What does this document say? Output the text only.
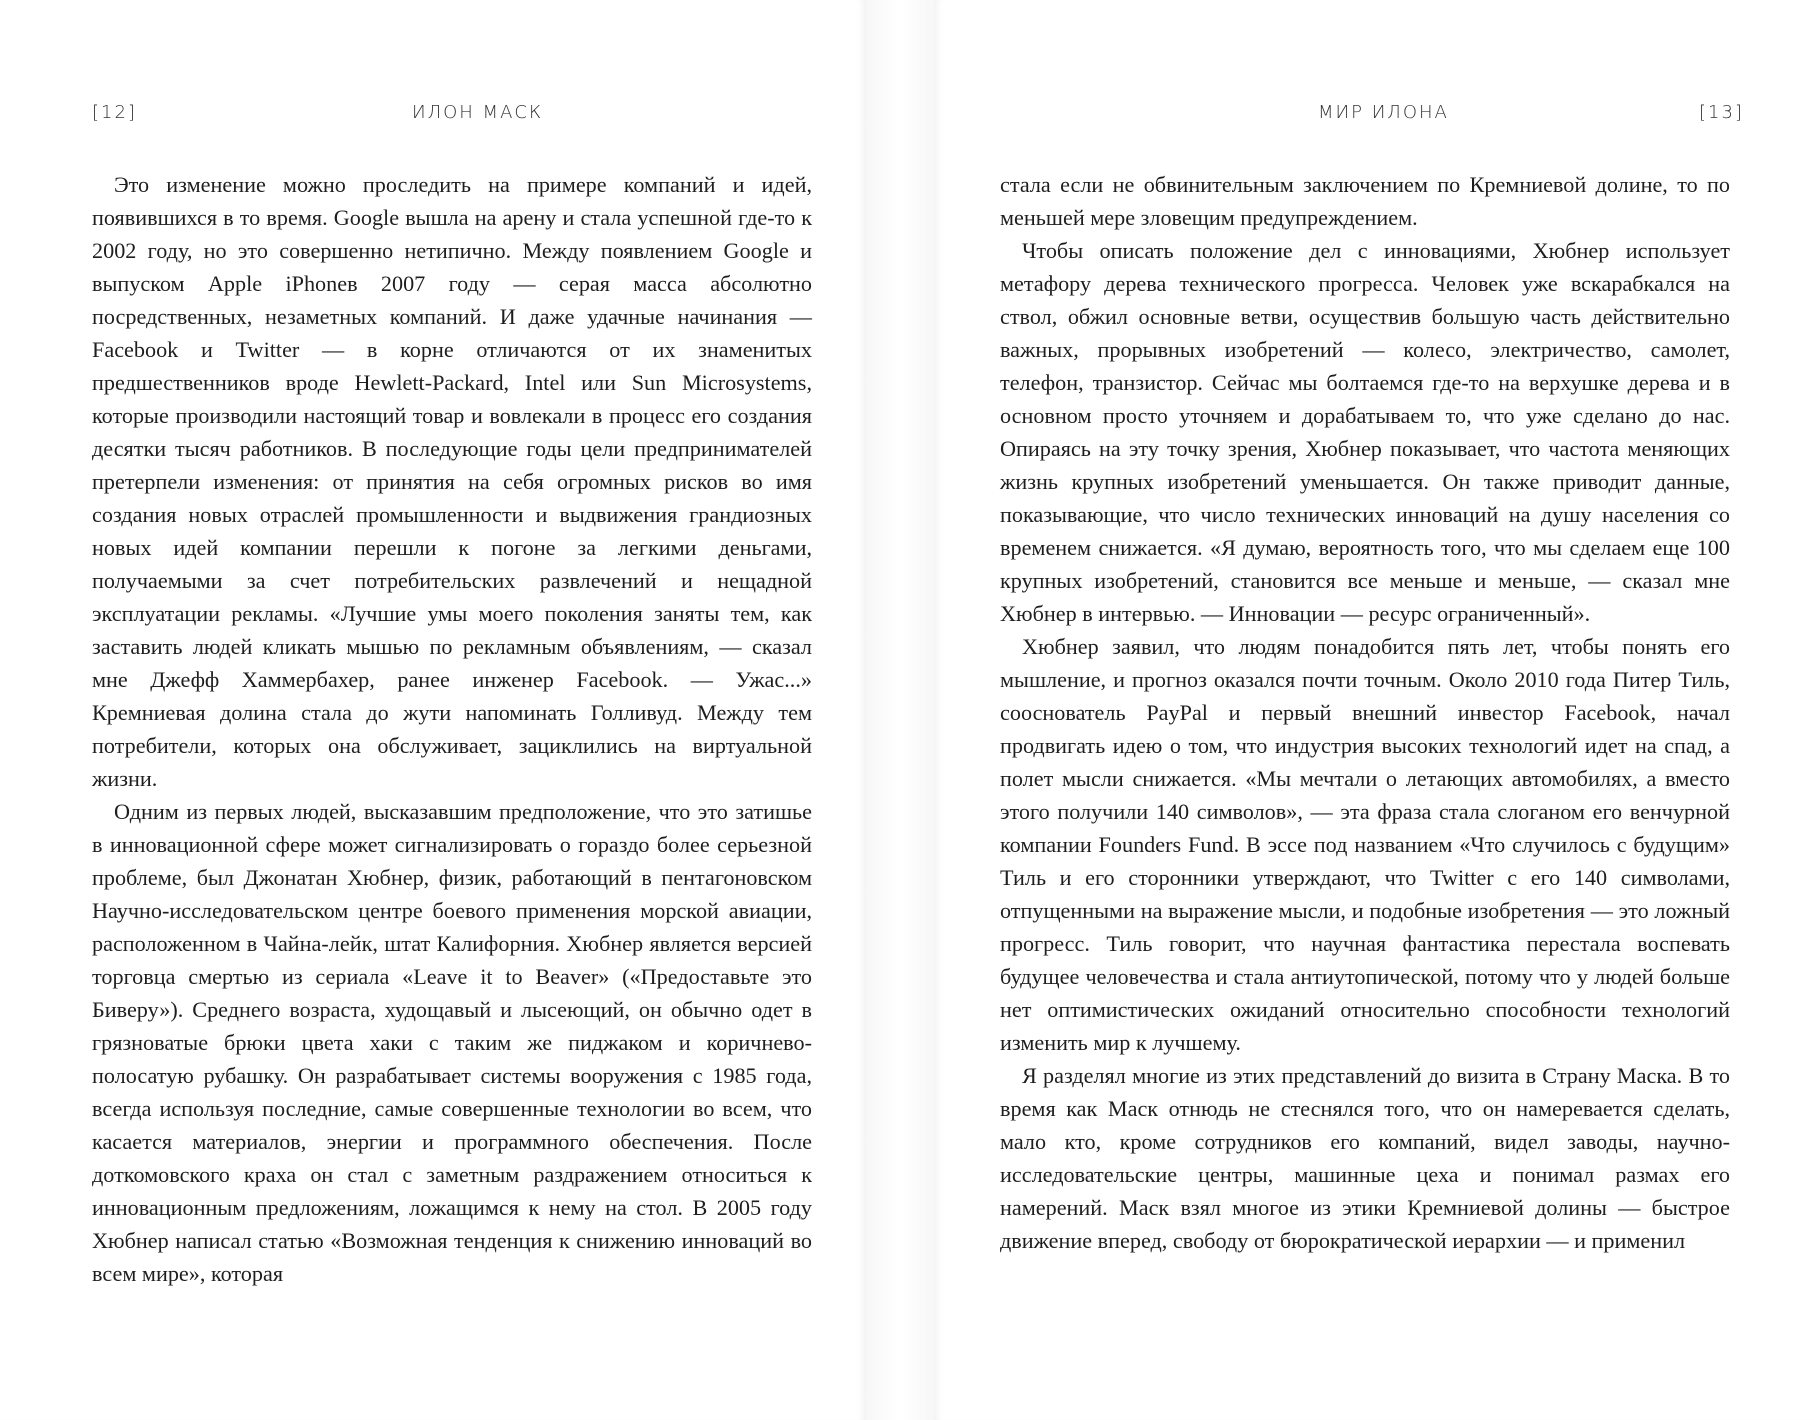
[12]	ИЛОН МАСК

Это изменение можно проследить на примере компаний и идей, появившихся в то время. Google вышла на арену и стала успешной где-то к 2002 году, но это совершенно нетипично. Между появлением Google и выпуском Apple iPhoneв 2007 году — серая масса абсолютно посредственных, незаметных компаний. И даже удачные начинания — Facebook и Twitter — в корне отличаются от их знаменитых предшественников вроде Hewlett-Packard, Intel или Sun Microsystems, которые производили настоящий товар и вовлекали в процесс его создания десятки тысяч работников. В последующие годы цели предпринимателей претерпели изменения: от принятия на себя огромных рисков во имя создания новых отраслей промышленности и выдвижения грандиозных новых идей компании перешли к погоне за легкими деньгами, получаемыми за счет потребительских развлечений и нещадной эксплуатации рекламы. «Лучшие умы моего поколения заняты тем, как заставить людей кликать мышью по рекламным объявлениям, — сказал мне Джефф Хаммербахер, ранее инженер Facebook. — Ужас...» Кремниевая долина стала до жути напоминать Голливуд. Между тем потребители, которых она обслуживает, зациклились на виртуальной жизни.

Одним из первых людей, высказавшим предположение, что это затишье в инновационной сфере может сигнализировать о гораздо более серьезной проблеме, был Джонатан Хюбнер, физик, работающий в пентагоновском Научно-исследовательском центре боевого применения морской авиации, расположенном в Чайна-лейк, штат Калифорния. Хюбнер является версией торговца смертью из сериала «Leave it to Beaver» («Предоставьте это Биверу»). Среднего возраста, худощавый и лысеющий, он обычно одет в грязноватые брюки цвета хаки с таким же пиджаком и коричнево-полосатую рубашку. Он разрабатывает системы вооружения с 1985 года, всегда используя последние, самые совершенные технологии во всем, что касается материалов, энергии и программного обеспечения. После доткомовского краха он стал с заметным раздражением относиться к инновационным предложениям, ложащимся к нему на стол. В 2005 году Хюбнер написал статью «Возможная тенденция к снижению инноваций во всем мире», которая

МИР ИЛОНА	[13]

стала если не обвинительным заключением по Кремниевой долине, то по меньшей мере зловещим предупреждением.

Чтобы описать положение дел с инновациями, Хюбнер использует метафору дерева технического прогресса. Человек уже вскарабкался на ствол, обжил основные ветви, осуществив большую часть действительно важных, прорывных изобретений — колесо, электричество, самолет, телефон, транзистор. Сейчас мы болтаемся где-то на верхушке дерева и в основном просто уточняем и дорабатываем то, что уже сделано до нас. Опираясь на эту точку зрения, Хюбнер показывает, что частота меняющих жизнь крупных изобретений уменьшается. Он также приводит данные, показывающие, что число технических инноваций на душу населения со временем снижается. «Я думаю, вероятность того, что мы сделаем еще 100 крупных изобретений, становится все меньше и меньше, — сказал мне Хюбнер в интервью. — Инновации — ресурс ограниченный».

Хюбнер заявил, что людям понадобится пять лет, чтобы понять его мышление, и прогноз оказался почти точным. Около 2010 года Питер Тиль, сооснователь PayPal и первый внешний инвестор Facebook, начал продвигать идею о том, что индустрия высоких технологий идет на спад, а полет мысли снижается. «Мы мечтали о летающих автомобилях, а вместо этого получили 140 символов», — эта фраза стала слоганом его венчурной компании Founders Fund. В эссе под названием «Что случилось с будущим» Тиль и его сторонники утверждают, что Twitter с его 140 символами, отпущенными на выражение мысли, и подобные изобретения — это ложный прогресс. Тиль говорит, что научная фантастика перестала воспевать будущее человечества и стала антиутопической, потому что у людей больше нет оптимистических ожиданий относительно способности технологий изменить мир к лучшему.

Я разделял многие из этих представлений до визита в Страну Маска. В то время как Маск отнюдь не стеснялся того, что он намеревается сделать, мало кто, кроме сотрудников его компаний, видел заводы, научно-исследовательские центры, машинные цеха и понимал размах его намерений. Маск взял многое из этики Кремниевой долины — быстрое движение вперед, свободу от бюрократической иерархии — и применил
